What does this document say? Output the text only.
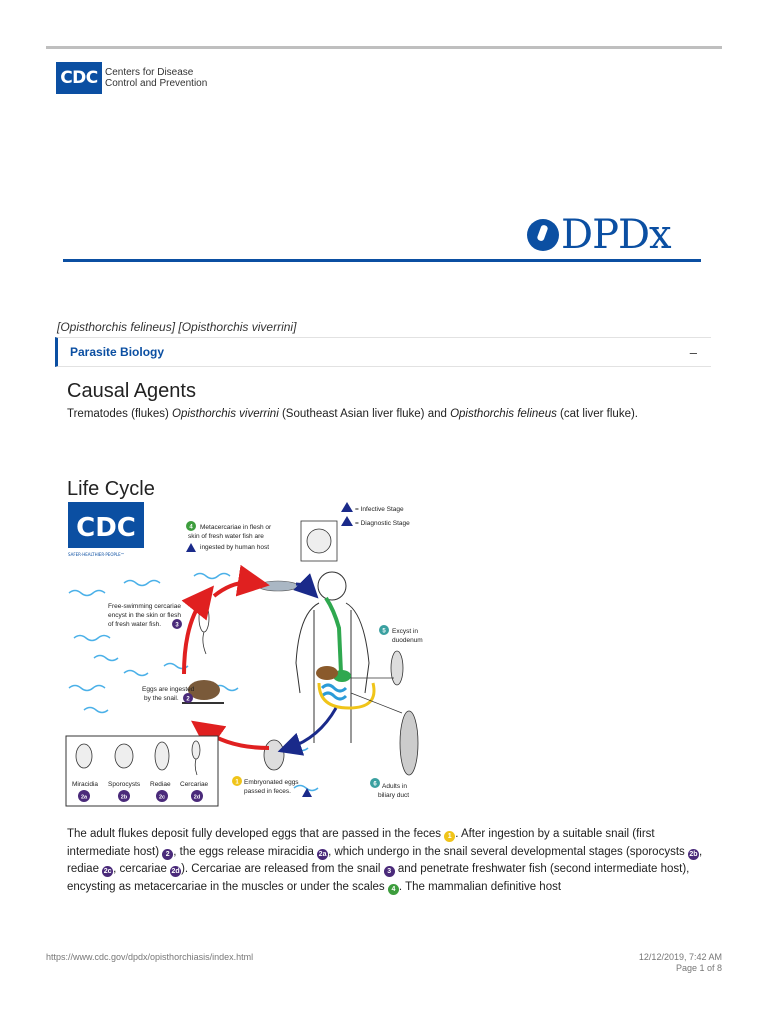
CDC Centers for Disease
Control and Prevention
DPDx
[Opisthorchis felineus] [Opisthorchis viverrini]
Parasite Biology	–
Causal Agents
Trematodes (flukes) Opisthorchis viverrini (Southeast Asian liver fluke) and Opisthorchis felineus (cat liver fluke).
Life Cycle
CDC
SAFER·HEALTHIER·PEOPLE™
= Infective Stage
= Diagnostic Stage
4 Metacercariae in flesh or
skin of fresh water fish are
ingested by human host
5 Excyst in
duodenum
6 Adults in
biliary duct
Free-swimming cercariae
encyst in the skin or flesh
of fresh water fish. 3
Eggs are ingested
by the snail. 2
1 Embryonated eggs
passed in feces.
Miracidia Sporocysts Rediae Cercariae
2a	2b	2c	2d
The adult flukes deposit fully developed eggs that are passed in the feces 1 . After ingestion by a suitable snail (first intermediate host) 2 , the eggs release miracidia 2a , which undergo in the snail several developmental stages (sporocysts 2b, rediae 2c , cercariae 2d). Cercariae are released from the snail 3 and penetrate freshwater fish (second intermediate host), encysting as metacercariae in the muscles or under the scales 4 . The mammalian definitive host
https://www.cdc.gov/dpdx/opisthorchiasis/index.html	12/12/2019, 7:42 AM
Page 1 of 8
